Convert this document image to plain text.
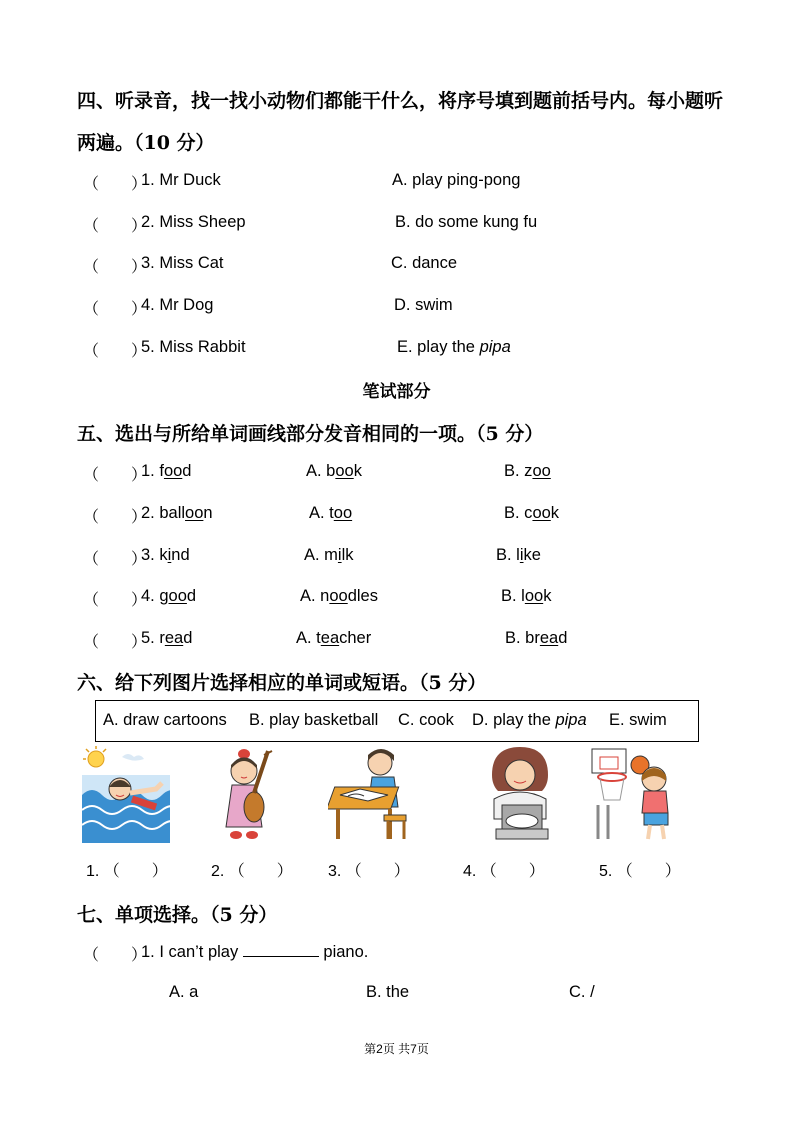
四、听录音，找一找小动物们都能干什么，将序号填到题前括号内。每小题听
两遍。（10 分）
（　　）
1. Mr Duck	A. play ping-pong
（　　）
2. Miss Sheep	B. do some kung fu
（　　）
3. Miss Cat	C. dance
（　　）
4. Mr Dog	D. swim
（　　）
5. Miss Rabbit	E. play the pipa
笔试部分
五、选出与所给单词画线部分发音相同的一项。（5 分）
（　　）
1. food	A. book	B. zoo
（　　）
2. balloon	A. too	B. cook
（　　）
3. kind	A. milk	B. like
（　　）
4. good	A. noodles	B. look
（　　）
5. read	A. teacher	B. bread
六、给下列图片选择相应的单词或短语。（5 分）
A. draw cartoons B. play basketball C. cook D. play the pipa E. swim
1. （　　）	2. （　　） 3. （　　）	4. （　　）	5. （　　）
七、单项选择。（5 分）
（　　）
1. I can’t play	piano.
A. a	B. the	C. /
第2页 共7页
